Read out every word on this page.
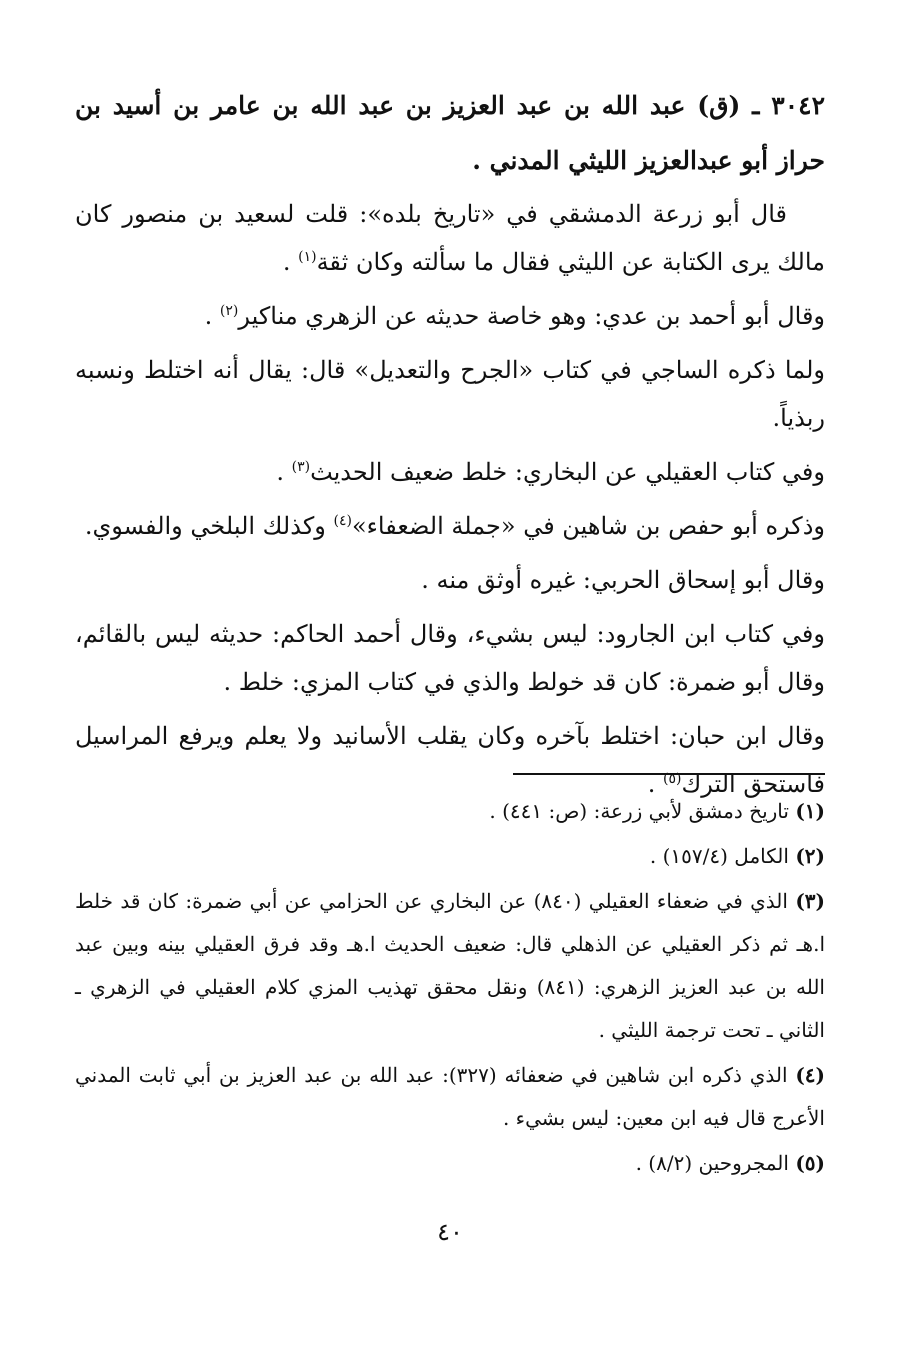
٣٠٤٢ ـ (ق) عبد الله بن عبد العزيز بن عبد الله بن عامر بن أسيد بن حراز أبو عبدالعزيز الليثي المدني .

قال أبو زرعة الدمشقي في «تاريخ بلده»: قلت لسعيد بن منصور كان مالك يرى الكتابة عن الليثي فقال ما سألته وكان ثقة$^{(١)}$ .

وقال أبو أحمد بن عدي: وهو خاصة حديثه عن الزهري مناكير$^{(٢)}$ .

ولما ذكره الساجي في كتاب «الجرح والتعديل» قال: يقال أنه اختلط ونسبه ربذياً.

وفي كتاب العقيلي عن البخاري: خلط ضعيف الحديث$^{(٣)}$ .

وذكره أبو حفص بن شاهين في «جملة الضعفاء»$^{(٤)}$ وكذلك البلخي والفسوي.

وقال أبو إسحاق الحربي: غيره أوثق منه .

وفي كتاب ابن الجارود: ليس بشيء، وقال أحمد الحاكم: حديثه ليس بالقائم، وقال أبو ضمرة: كان قد خولط والذي في كتاب المزي: خلط .

وقال ابن حبان: اختلط بآخره وكان يقلب الأسانيد ولا يعلم ويرفع المراسيل فاستحق الترك$^{(٥)}$ .

(١) تاريخ دمشق لأبي زرعة: (ص: ٤٤١) .

(٢) الكامل (١٥٧/٤) .

(٣) الذي في ضعفاء العقيلي (٨٤٠) عن البخاري عن الحزامي عن أبي ضمرة: كان قد خلط ا.هـ ثم ذكر العقيلي عن الذهلي قال: ضعيف الحديث ا.هـ وقد فرق العقيلي بينه وبين عبد الله بن عبد العزيز الزهري: (٨٤١) ونقل محقق تهذيب المزي كلام العقيلي في الزهري ـ الثاني ـ تحت ترجمة الليثي .

(٤) الذي ذكره ابن شاهين في ضعفائه (٣٢٧): عبد الله بن عبد العزيز بن أبي ثابت المدني الأعرج قال فيه ابن معين: ليس بشيء .

(٥) المجروحين (٨/٢) .

٤٠
